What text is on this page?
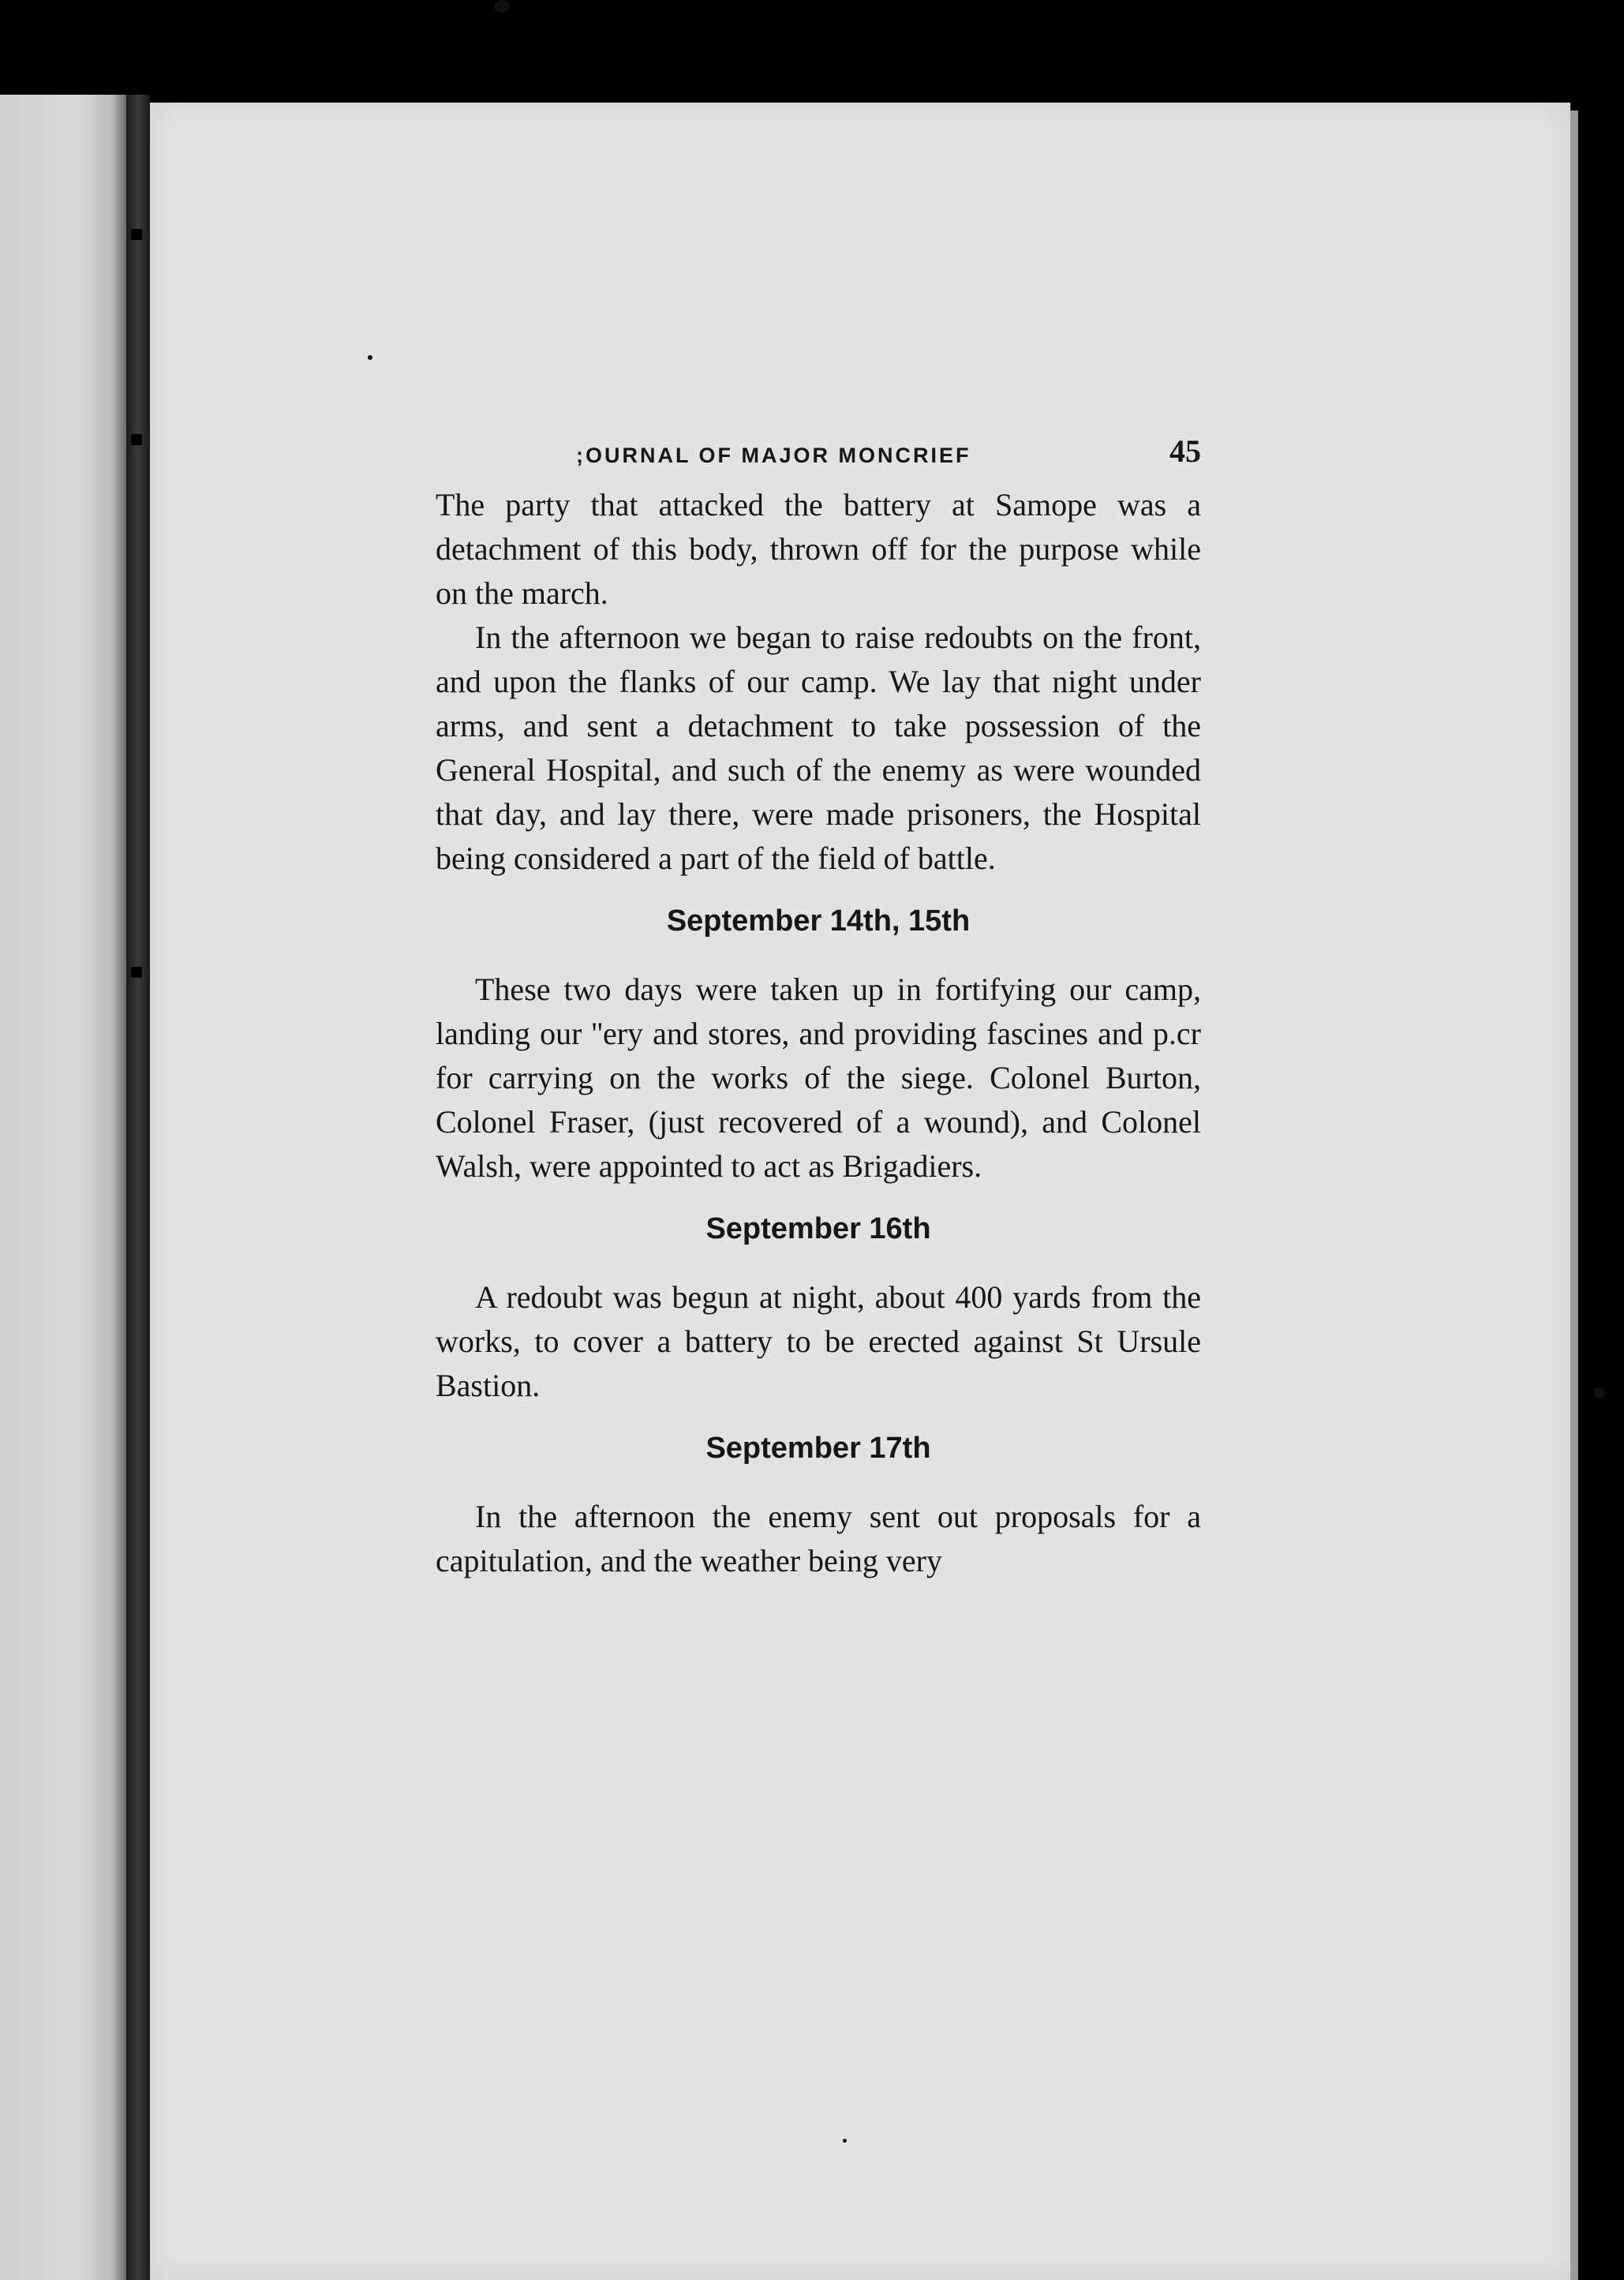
;OURNAL OF MAJOR MONCRIEF	45

The party that attacked the battery at Samope was a detachment of this body, thrown off for the purpose while on the march.

In the afternoon we began to raise redoubts on the front, and upon the flanks of our camp. We lay that night under arms, and sent a detachment to take possession of the General Hospital, and such of the enemy as were wounded that day, and lay there, were made prisoners, the Hospital being considered a part of the field of battle.

September 14th, 15th

These two days were taken up in fortifying our camp, landing our ''ery and stores, and providing fascines and p.cr for carrying on the works of the siege. Colonel Burton, Colonel Fraser, (just recovered of a wound), and Colonel Walsh, were appointed to act as Brigadiers.

September 16th

A redoubt was begun at night, about 400 yards from the works, to cover a battery to be erected against St Ursule Bastion.

September 17th

In the afternoon the enemy sent out proposals for a capitulation, and the weather being very
